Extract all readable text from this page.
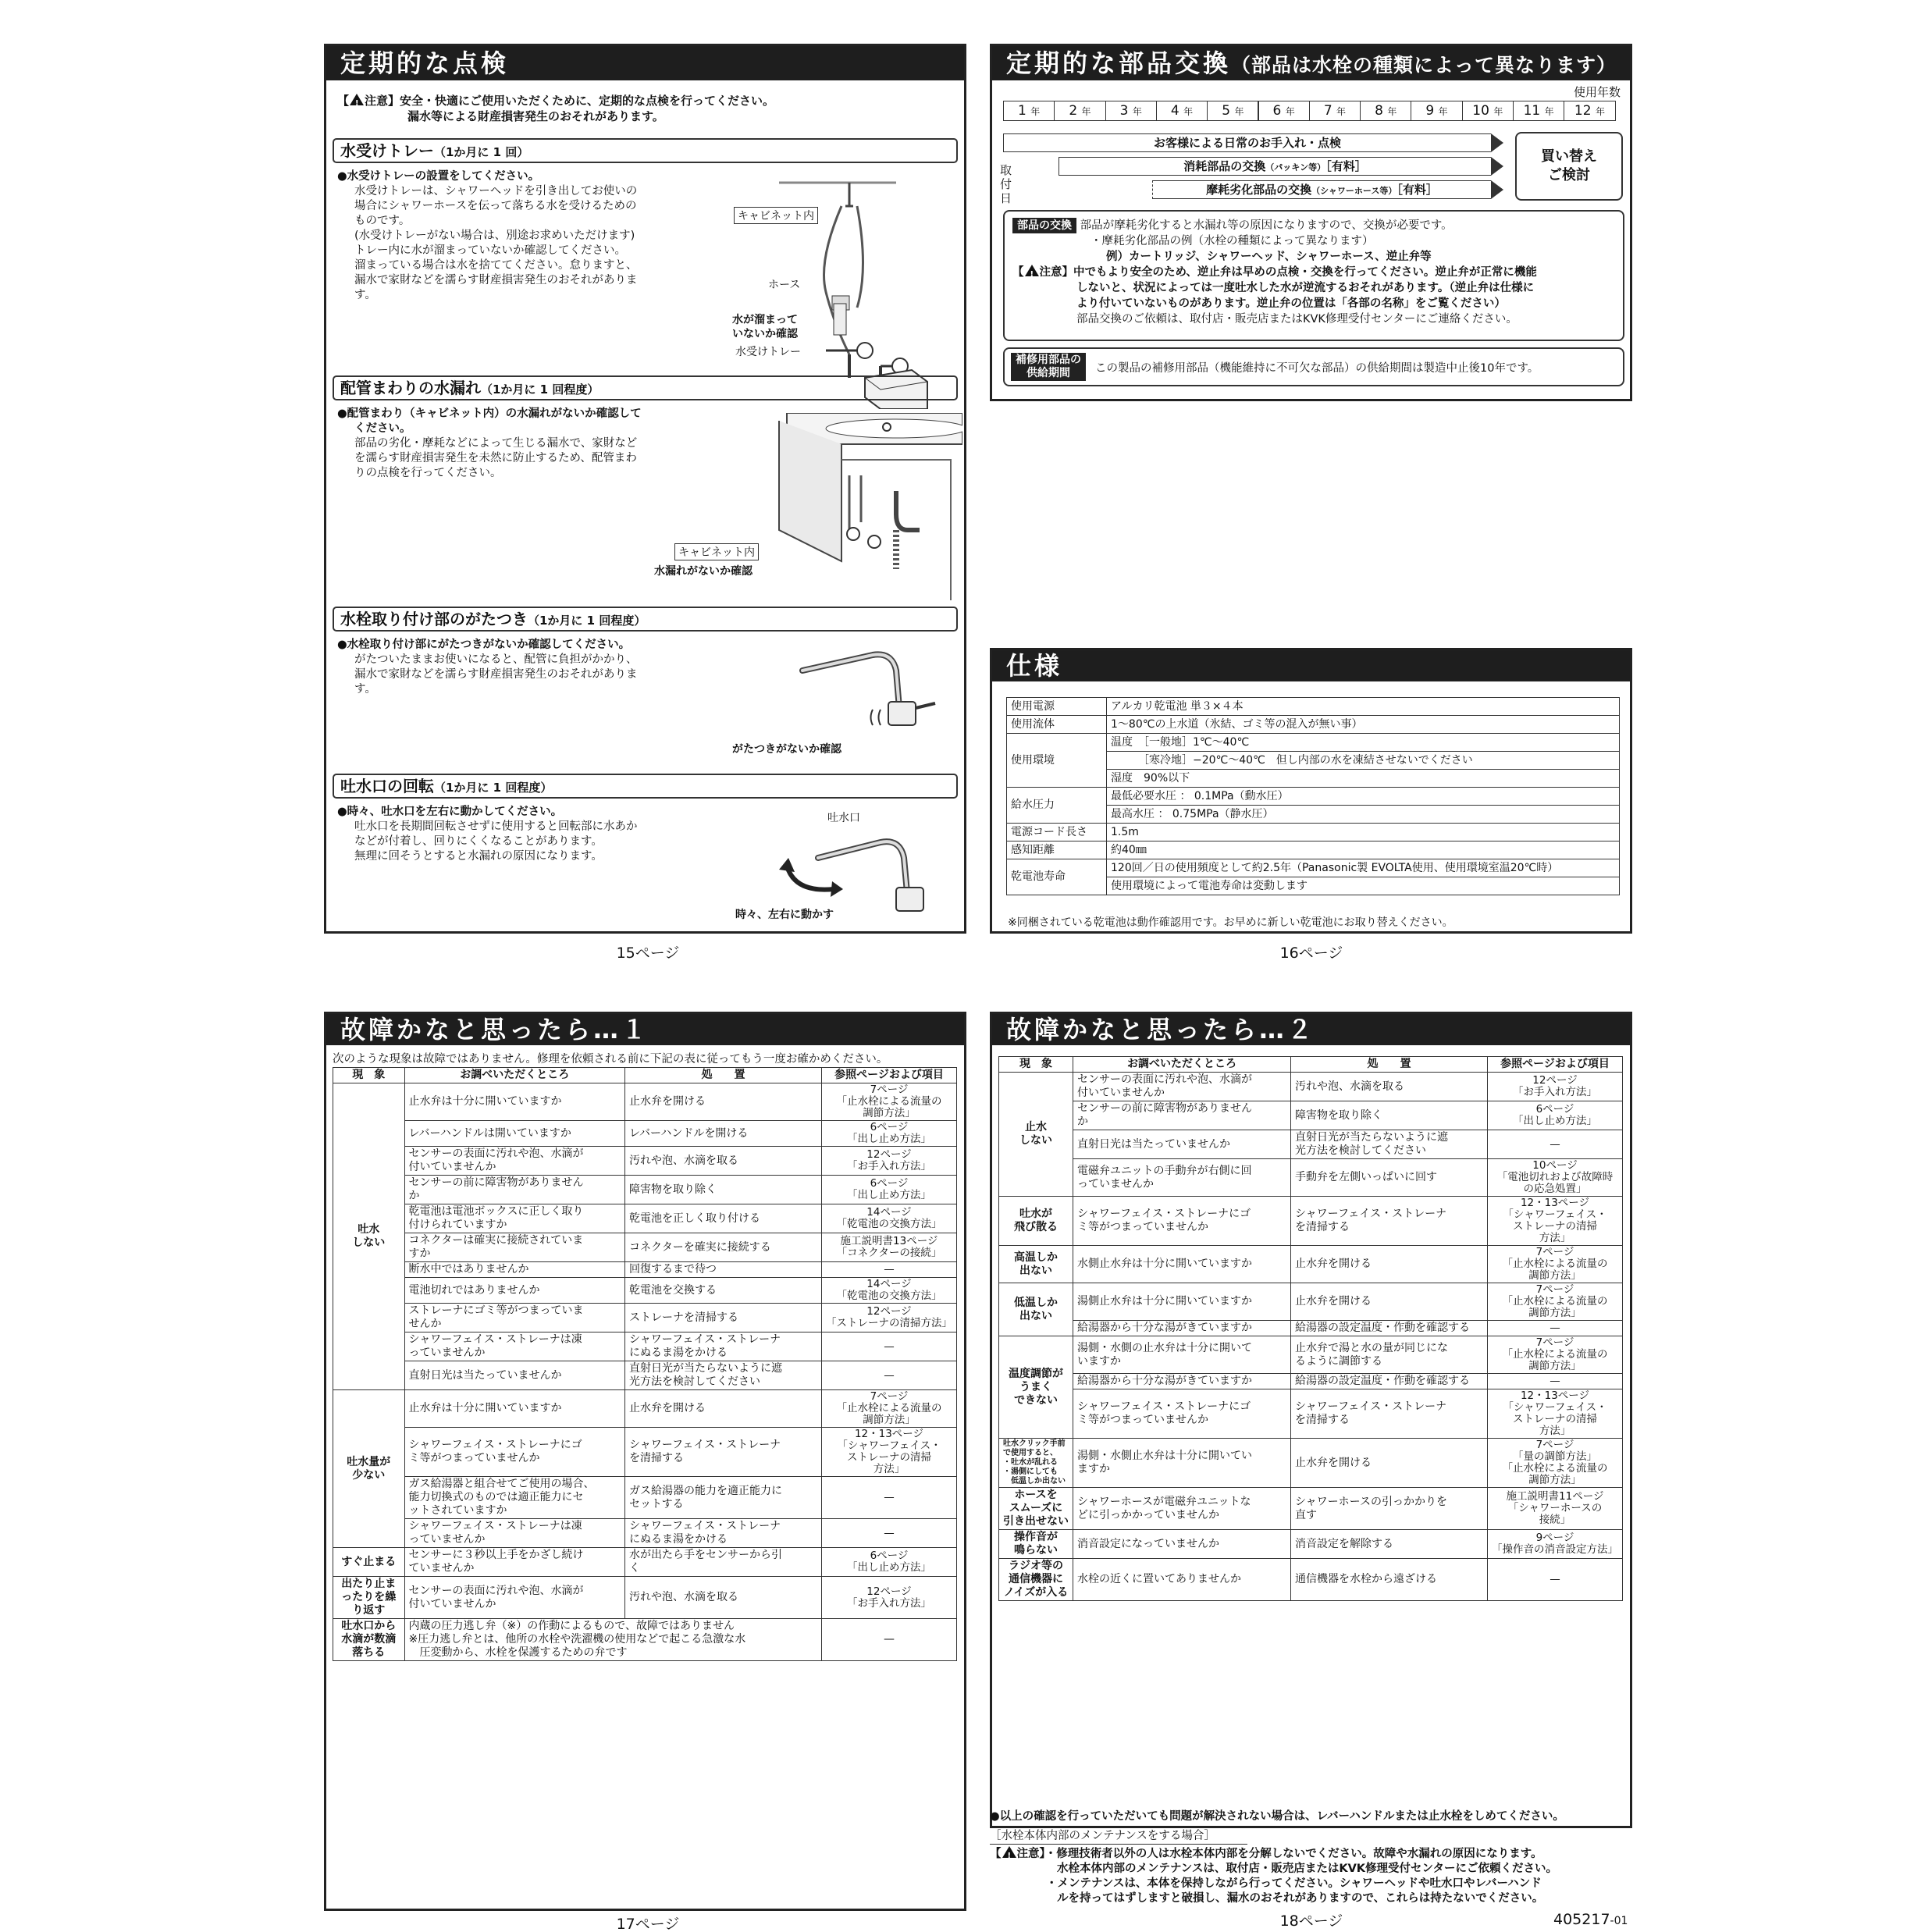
定期的な点検
【 ! 注意】安全・快適にご使用いただくために、定期的な点検を行ってください。
漏水等による財産損害発生のおそれがあります。
水受けトレー（1か月に 1 回）
●水受けトレーの設置をしてください。
水受けトレーは、シャワーヘッドを引き出してお使いの
場合にシャワーホースを伝って落ちる水を受けるための
ものです。
(水受けトレーがない場合は、別途お求めいただけます)
トレー内に水が溜まっていないか確認してください。
溜まっている場合は水を捨ててください。怠りますと、
漏水で家財などを濡らす財産損害発生のおそれがありま
す。
キャビネット内
ホース
水が溜まって
いないか確認
水受けトレー
配管まわりの水漏れ（1か月に 1 回程度）
●配管まわり（キャビネット内）の水漏れがないか確認して
ください。
部品の劣化・摩耗などによって生じる漏水で、家財など
を濡らす財産損害発生を未然に防止するため、配管まわ
りの点検を行ってください。
キャビネット内
水漏れがないか確認
水栓取り付け部のがたつき（1か月に 1 回程度）
●水栓取り付け部にがたつきがないか確認してください。
がたついたままお使いになると、配管に負担がかかり、
漏水で家財などを濡らす財産損害発生のおそれがありま
す。
がたつきがないか確認
吐水口の回転（1か月に 1 回程度）
●時々、吐水口を左右に動かしてください。
吐水口を長期間回転させずに使用すると回転部に水あか
などが付着し、回りにくくなることがあります。
無理に回そうとすると水漏れの原因になります。
吐水口
時々、左右に動かす
15ページ
定期的な部品交換（部品は水栓の種類によって異なります）
使用年数
1 年	2 年	3 年	4 年	5 年	6 年	7 年	8 年	9 年	10 年	11 年	12 年
取付日
お客様による日常のお手入れ・点検
消耗部品の交換（パッキン等）［有料］
摩耗劣化部品の交換（シャワーホース等）［有料］
買い替え
ご検討
部品の交換 部品が摩耗劣化すると水漏れ等の原因になりますので、交換が必要です。
・摩耗劣化部品の例（水栓の種類によって異なります）
例）カートリッジ、シャワーヘッド、シャワーホース、逆止弁等
【 ! 注意】中でもより安全のため、逆止弁は早めの点検・交換を行ってください。逆止弁が正常に機能
しないと、状況によっては一度吐水した水が逆流するおそれがあります。（逆止弁は仕様に
より付いていないものがあります。逆止弁の位置は「各部の名称」をご覧ください）
部品交換のご依頼は、取付店・販売店またはKVK修理受付センターにご連絡ください。
補修用部品の
供給期間	この製品の補修用部品（機能維持に不可欠な部品）の供給期間は製造中止後10年です。
仕様
使用電源	アルカリ乾電池 単３×４本
使用流体	1～80℃の上水道（氷結、ゴミ等の混入が無い事）
使用環境	温度　［一般地］1℃～40℃
	　　　［寒冷地］−20℃～40℃　但し内部の水を凍結させないでください
	湿度　90%以下
給水圧力	最低必要水圧 ： 0.1MPa（動水圧）
	最高水圧 ： 0.75MPa（静水圧）
電源コード長さ	1.5m
感知距離	約40㎜
乾電池寿命	120回／日の使用頻度として約2.5年（Panasonic製 EVOLTA使用、使用環境室温20℃時）
	使用環境によって電池寿命は変動します
※同梱されている乾電池は動作確認用です。お早めに新しい乾電池にお取り替えください。
16ページ
故障かなと思ったら…１
次のような現象は故障ではありません。修理を依頼される前に下記の表に従ってもう一度お確かめください。
現　象	お調べいただくところ	処　　置	参照ページおよび項目
吐水
しない	止水弁は十分に開いていますか	止水弁を開ける	7ページ
「止水栓による流量の
調節方法」
	レバーハンドルは開いていますか	レバーハンドルを開ける	6ページ
「出し止め方法」
	センサーの表面に汚れや泡、水滴が
付いていませんか	汚れや泡、水滴を取る	12ページ
「お手入れ方法」
	センサーの前に障害物がありません
か	障害物を取り除く	6ページ
「出し止め方法」
	乾電池は電池ボックスに正しく取り
付けられていますか	乾電池を正しく取り付ける	14ページ
「乾電池の交換方法」
	コネクターは確実に接続されていま
すか	コネクターを確実に接続する	施工説明書13ページ
「コネクターの接続」
	断水中ではありませんか	回復するまで待つ	—
	電池切れではありませんか	乾電池を交換する	14ページ
「乾電池の交換方法」
	ストレーナにゴミ等がつまっていま
せんか	ストレーナを清掃する	12ページ
「ストレーナの清掃方法」
	シャワーフェイス・ストレーナは凍
っていませんか	シャワーフェイス・ストレーナ
にぬるま湯をかける	—
	直射日光は当たっていませんか	直射日光が当たらないように遮
光方法を検討してください	—
吐水量が
少ない	止水弁は十分に開いていますか	止水弁を開ける	7ページ
「止水栓による流量の
調節方法」
	シャワーフェイス・ストレーナにゴ
ミ等がつまっていませんか	シャワーフェイス・ストレーナ
を清掃する	12・13ページ
「シャワーフェイス・
ストレーナの清掃
方法」
	ガス給湯器と組合せてご使用の場合、
能力切換式のものでは適正能力にセ
ットされていますか	ガス給湯器の能力を適正能力に
セットする	—
	シャワーフェイス・ストレーナは凍
っていませんか	シャワーフェイス・ストレーナ
にぬるま湯をかける	—
すぐ止まる	センサーに３秒以上手をかざし続け
ていませんか	水が出たら手をセンサーから引
く	6ページ
「出し止め方法」
出たり止ま
ったりを繰
り返す	センサーの表面に汚れや泡、水滴が
付いていませんか	汚れや泡、水滴を取る	12ページ
「お手入れ方法」
吐水口から
水滴が数滴
落ちる	内蔵の圧力逃し弁（※）の作動によるもので、故障ではありません
※圧力逃し弁とは、他所の水栓や洗濯機の使用などで起こる急激な水
　圧変動から、水栓を保護するための弁です		—
17ページ
故障かなと思ったら…２
現　象	お調べいただくところ	処　　置	参照ページおよび項目
止水
しない	センサーの表面に汚れや泡、水滴が
付いていませんか	汚れや泡、水滴を取る	12ページ
「お手入れ方法」
	センサーの前に障害物がありません
か	障害物を取り除く	6ページ
「出し止め方法」
	直射日光は当たっていませんか	直射日光が当たらないように遮
光方法を検討してください	—
	電磁弁ユニットの手動弁が右側に回
っていませんか	手動弁を左側いっぱいに回す	10ページ
「電池切れおよび故障時
の応急処置」
吐水が
飛び散る	シャワーフェイス・ストレーナにゴ
ミ等がつまっていませんか	シャワーフェイス・ストレーナ
を清掃する	12・13ページ
「シャワーフェイス・
ストレーナの清掃
方法」
高温しか
出ない	水側止水弁は十分に開いていますか	止水弁を開ける	7ページ
「止水栓による流量の
調節方法」
低温しか
出ない	湯側止水弁は十分に開いていますか	止水弁を開ける	7ページ
「止水栓による流量の
調節方法」
	給湯器から十分な湯がきていますか	給湯器の設定温度・作動を確認する	—
温度調節が
うまく
できない	湯側・水側の止水弁は十分に開いて
いますか	止水弁で湯と水の量が同じにな
るように調節する	7ページ
「止水栓による流量の
調節方法」
	給湯器から十分な湯がきていますか	給湯器の設定温度・作動を確認する	—
	シャワーフェイス・ストレーナにゴ
ミ等がつまっていませんか	シャワーフェイス・ストレーナ
を清掃する	12・13ページ
「シャワーフェイス・
ストレーナの清掃
方法」
吐水クリック手前
で使用すると、
・吐水が乱れる
・湯側にしても
　低温しか出ない	湯側・水側止水弁は十分に開いてい
ますか	止水弁を開ける	7ページ
「量の調節方法」
「止水栓による流量の
調節方法」
ホースを
スムーズに
引き出せない	シャワーホースが電磁弁ユニットな
どに引っかかっていませんか	シャワーホースの引っかかりを
直す	施工説明書11ページ
「シャワーホースの
接続」
操作音が
鳴らない	消音設定になっていませんか	消音設定を解除する	9ページ
「操作音の消音設定方法」
ラジオ等の
通信機器に
ノイズが入る	水栓の近くに置いてありませんか	通信機器を水栓から遠ざける	—
●以上の確認を行っていただいても問題が解決されない場合は、レバーハンドルまたは止水栓をしめてください。
［水栓本体内部のメンテナンスをする場合］
【 ! 注意】・修理技術者以外の人は水栓本体内部を分解しないでください。故障や水漏れの原因になります。
水栓本体内部のメンテナンスは、取付店・販売店またはKVK修理受付センターにご依頼ください。
・メンテナンスは、本体を保持しながら行ってください。シャワーヘッドや吐水口やレバーハンド
ルを持ってはずしますと破損し、漏水のおそれがありますので、これらは持たないでください。
18ページ	405217-01
